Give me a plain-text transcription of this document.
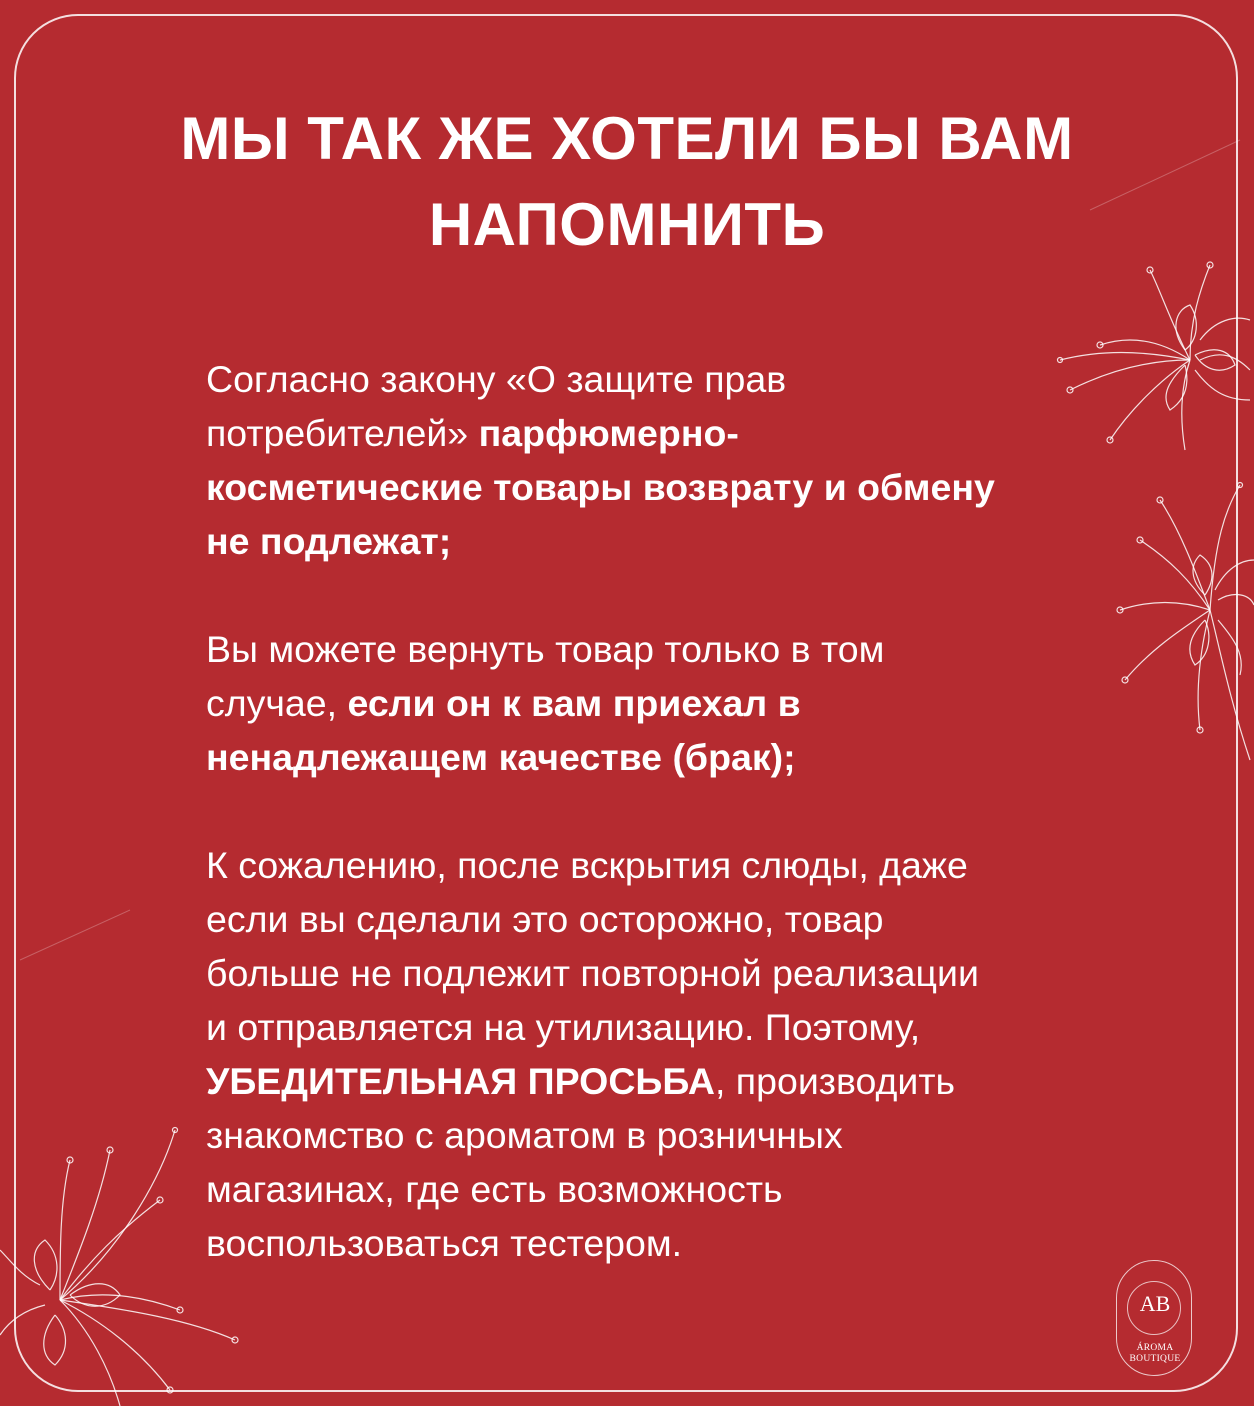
МЫ ТАК ЖЕ ХОТЕЛИ БЫ ВАМ
НАПОМНИТЬ

Согласно закону «О защите прав потребителей» парфюмерно-косметические товары возврату и обмену не подлежат;

Вы можете вернуть товар только в том случае, если он к вам приехал в ненадлежащем качестве (брак);

К сожалению, после вскрытия слюды, даже если вы сделали это осторожно, товар больше не подлежит повторной реализации и отправляется на утилизацию. Поэтому, УБЕДИТЕЛЬНАЯ ПРОСЬБА, производить знакомство с ароматом в розничных магазинах, где есть возможность воспользоваться тестером.

AB
ÁROMA
BOUTIQUE
